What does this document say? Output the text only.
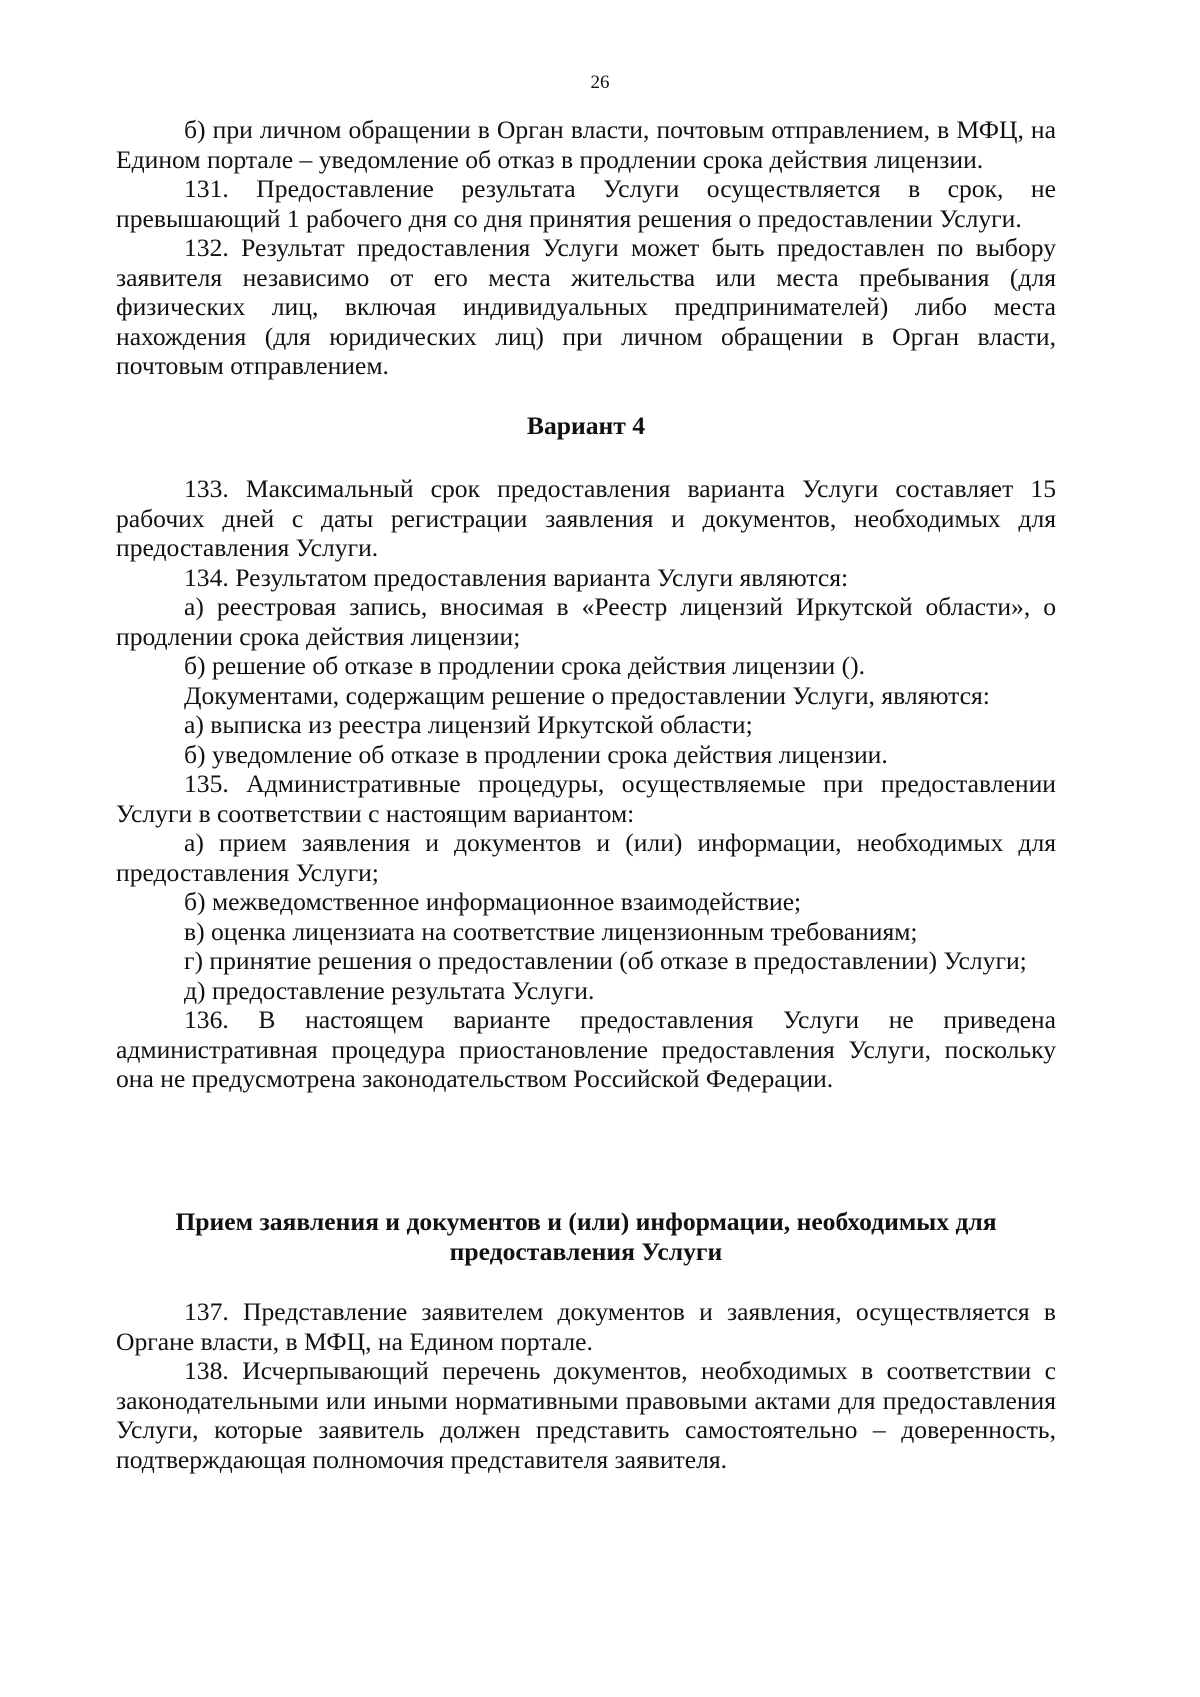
26

б) при личном обращении в Орган власти, почтовым отправлением, в МФЦ, на Едином портале – уведомление об отказ в продлении срока действия лицензии.

131. Предоставление результата Услуги осуществляется в срок, не превышающий 1 рабочего дня со дня принятия решения о предоставлении Услуги.

132. Результат предоставления Услуги может быть предоставлен по выбору заявителя независимо от его места жительства или места пребывания (для физических лиц, включая индивидуальных предпринимателей) либо места нахождения (для юридических лиц) при личном обращении в Орган власти, почтовым отправлением.

Вариант 4

133. Максимальный срок предоставления варианта Услуги составляет 15 рабочих дней с даты регистрации заявления и документов, необходимых для предоставления Услуги.

134. Результатом предоставления варианта Услуги являются:

а) реестровая запись, вносимая в «Реестр лицензий Иркутской области», о продлении срока действия лицензии;

б) решение об отказе в продлении срока действия лицензии ().

Документами, содержащим решение о предоставлении Услуги, являются:

а) выписка из реестра лицензий Иркутской области;

б) уведомление об отказе в продлении срока действия лицензии.

135. Административные процедуры, осуществляемые при предоставлении Услуги в соответствии с настоящим вариантом:

а) прием заявления и документов и (или) информации, необходимых для предоставления Услуги;

б) межведомственное информационное взаимодействие;

в) оценка лицензиата на соответствие лицензионным требованиям;

г) принятие решения о предоставлении (об отказе в предоставлении) Услуги;

д) предоставление результата Услуги.

136. В настоящем варианте предоставления Услуги не приведена административная процедура приостановление предоставления Услуги, поскольку она не предусмотрена законодательством Российской Федерации.

Прием заявления и документов и (или) информации, необходимых для
предоставления Услуги

137. Представление заявителем документов и заявления, осуществляется в Органе власти, в МФЦ, на Едином портале.

138. Исчерпывающий перечень документов, необходимых в соответствии с законодательными или иными нормативными правовыми актами для предоставления Услуги, которые заявитель должен представить самостоятельно – доверенность, подтверждающая полномочия представителя заявителя.
